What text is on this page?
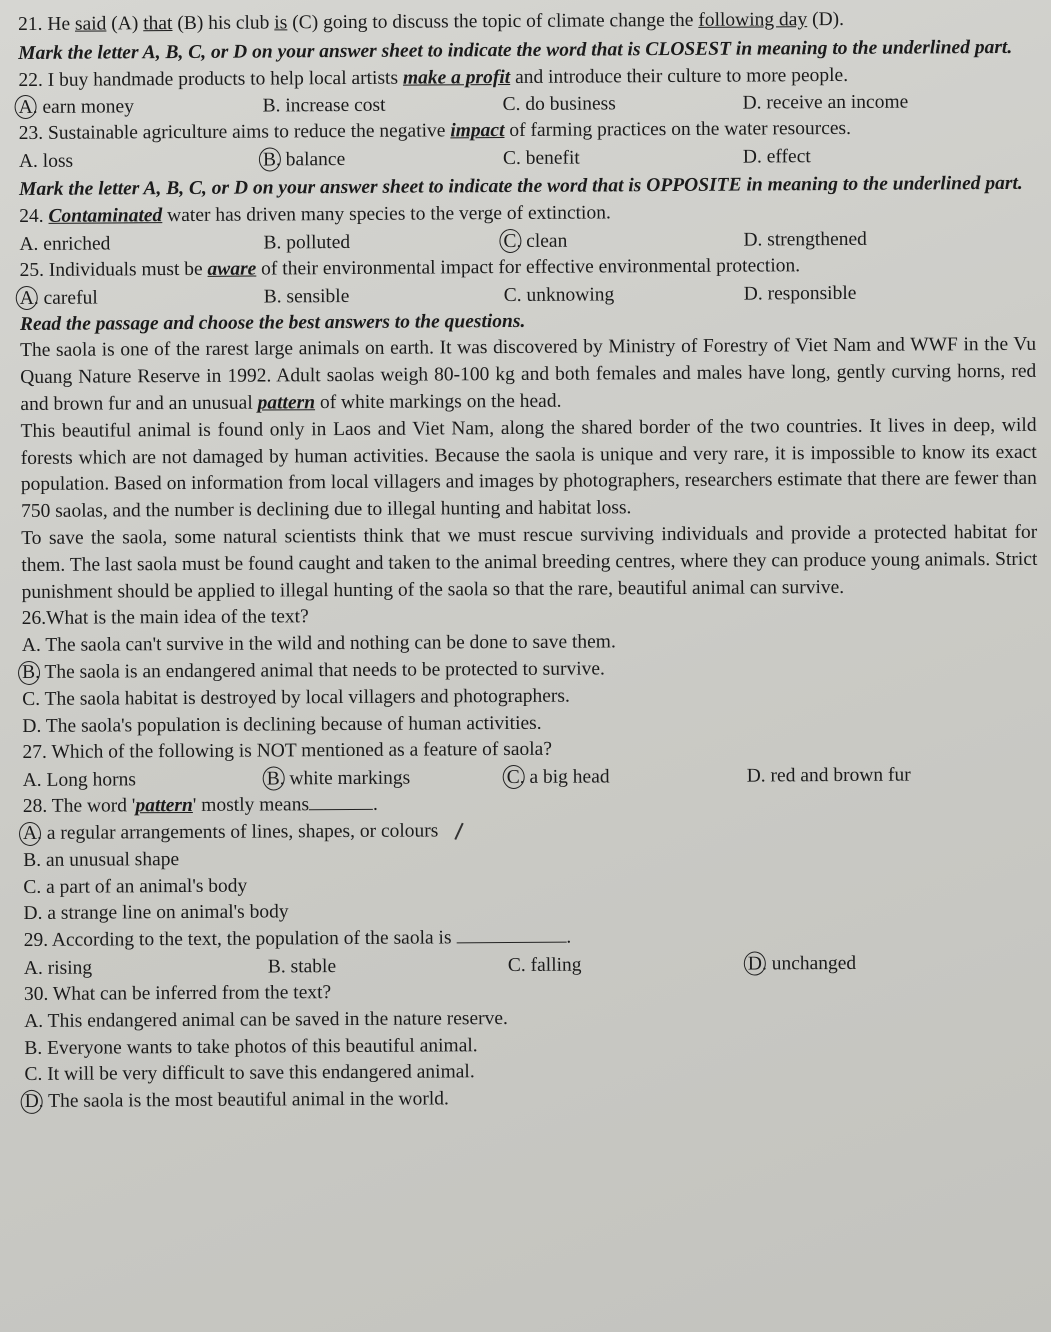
21. He said (A) that (B) his club is (C) going to discuss the topic of climate change the following day (D).

Mark the letter A, B, C, or D on your answer sheet to indicate the word that is CLOSEST in meaning to the underlined part.

22. I buy handmade products to help local artists make a profit and introduce their culture to more people.
A. earn money	B. increase cost	C. do business	D. receive an income
23. Sustainable agriculture aims to reduce the negative impact of farming practices on the water resources.
A. loss	B. balance	C. benefit	D. effect

Mark the letter A, B, C, or D on your answer sheet to indicate the word that is OPPOSITE in meaning to the underlined part.

24. Contaminated water has driven many species to the verge of extinction.
A. enriched	B. polluted	C. clean	D. strengthened
25. Individuals must be aware of their environmental impact for effective environmental protection.
A. careful	B. sensible	C. unknowing	D. responsible
Read the passage and choose the best answers to the questions.

The saola is one of the rarest large animals on earth. It was discovered by Ministry of Forestry of Viet Nam and WWF in the Vu Quang Nature Reserve in 1992. Adult saolas weigh 80-100 kg and both females and males have long, gently curving horns, red and brown fur and an unusual pattern of white markings on the head.

This beautiful animal is found only in Laos and Viet Nam, along the shared border of the two countries. It lives in deep, wild forests which are not damaged by human activities. Because the saola is unique and very rare, it is impossible to know its exact population. Based on information from local villagers and images by photographers, researchers estimate that there are fewer than 750 saolas, and the number is declining due to illegal hunting and habitat loss.

To save the saola, some natural scientists think that we must rescue surviving individuals and provide a protected habitat for them. The last saola must be found caught and taken to the animal breeding centres, where they can produce young animals. Strict punishment should be applied to illegal hunting of the saola so that the rare, beautiful animal can survive.

26.What is the main idea of the text?
A. The saola can't survive in the wild and nothing can be done to save them.
B. The saola is an endangered animal that needs to be protected to survive.
C. The saola habitat is destroyed by local villagers and photographers.
D. The saola's population is declining because of human activities.
27. Which of the following is NOT mentioned as a feature of saola?
A. Long horns	B. white markings	C. a big head	D. red and brown fur
28. The word 'pattern' mostly means	.
A. a regular arrangements of lines, shapes, or colours
B. an unusual shape
C. a part of an animal's body
D. a strange line on animal's body
29. According to the text, the population of the saola is	.
A. rising	B. stable	C. falling	D. unchanged
30. What can be inferred from the text?
A. This endangered animal can be saved in the nature reserve.
B. Everyone wants to take photos of this beautiful animal.
C. It will be very difficult to save this endangered animal.
D. The saola is the most beautiful animal in the world.
